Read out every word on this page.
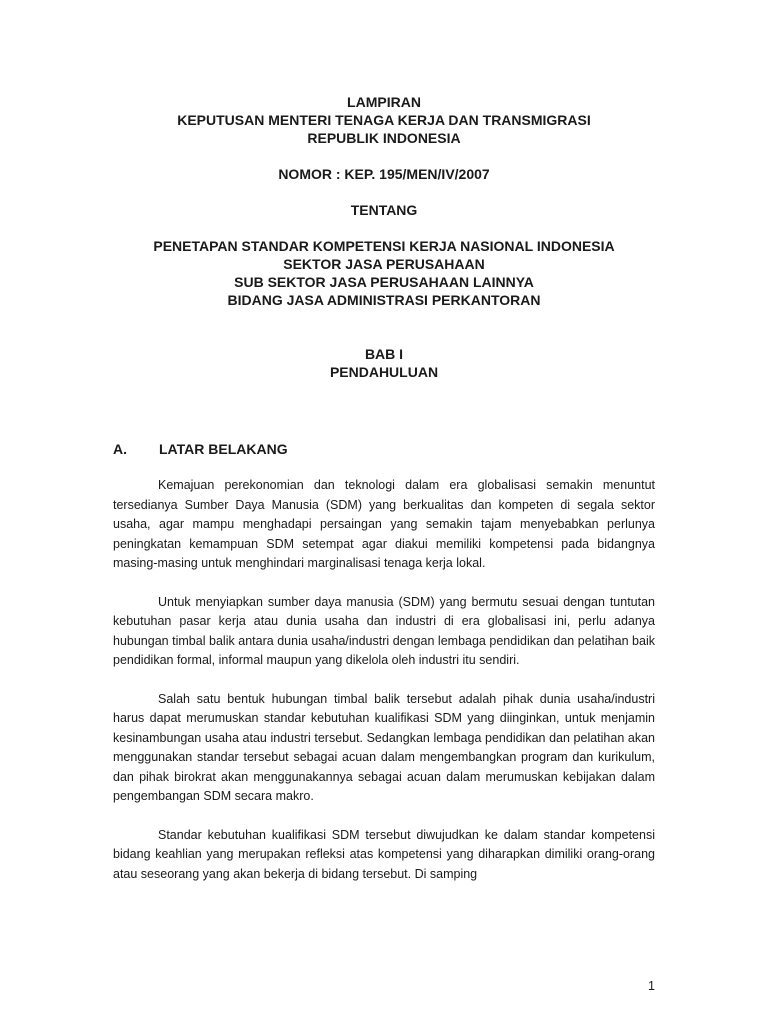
LAMPIRAN
KEPUTUSAN MENTERI TENAGA KERJA DAN TRANSMIGRASI
REPUBLIK INDONESIA
NOMOR : KEP. 195/MEN/IV/2007
TENTANG
PENETAPAN STANDAR KOMPETENSI KERJA NASIONAL INDONESIA
SEKTOR JASA PERUSAHAAN
SUB SEKTOR JASA PERUSAHAAN LAINNYA
BIDANG JASA ADMINISTRASI PERKANTORAN
BAB I
PENDAHULUAN
A. LATAR BELAKANG

Kemajuan perekonomian dan teknologi dalam era globalisasi semakin menuntut tersedianya Sumber Daya Manusia (SDM) yang berkualitas dan kompeten di segala sektor usaha, agar mampu menghadapi persaingan yang semakin tajam menyebabkan perlunya peningkatan kemampuan SDM setempat agar diakui memiliki kompetensi pada bidangnya masing-masing untuk menghindari marginalisasi tenaga kerja lokal.

Untuk menyiapkan sumber daya manusia (SDM) yang bermutu sesuai dengan tuntutan kebutuhan pasar kerja atau dunia usaha dan industri di era globalisasi ini, perlu adanya hubungan timbal balik antara dunia usaha/industri dengan lembaga pendidikan dan pelatihan baik pendidikan formal, informal maupun yang dikelola oleh industri itu sendiri.

Salah satu bentuk hubungan timbal balik tersebut adalah pihak dunia usaha/industri harus dapat merumuskan standar kebutuhan kualifikasi SDM yang diinginkan, untuk menjamin kesinambungan usaha atau industri tersebut. Sedangkan lembaga pendidikan dan pelatihan akan menggunakan standar tersebut sebagai acuan dalam mengembangkan program dan kurikulum, dan pihak birokrat akan menggunakannya sebagai acuan dalam merumuskan kebijakan dalam pengembangan SDM secara makro.

Standar kebutuhan kualifikasi SDM tersebut diwujudkan ke dalam standar kompetensi bidang keahlian yang merupakan refleksi atas kompetensi yang diharapkan dimiliki orang-orang atau seseorang yang akan bekerja di bidang tersebut. Di samping

1
